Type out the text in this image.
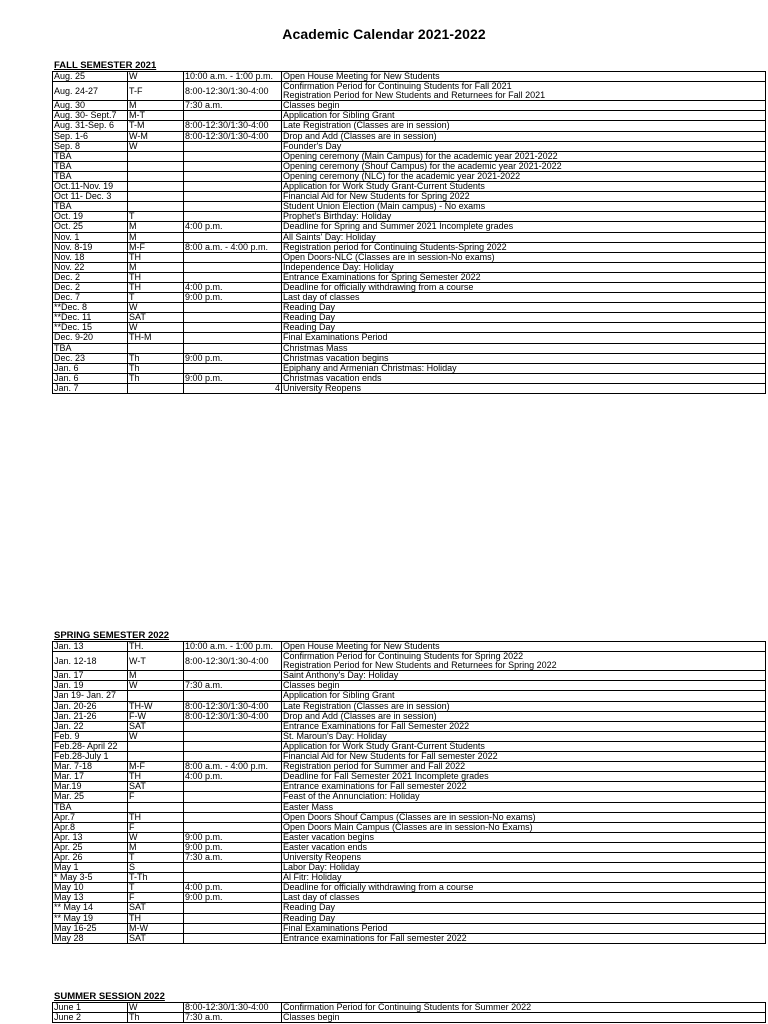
Academic Calendar 2021-2022
FALL SEMESTER 2021
Aug. 25	W	10:00 a.m. - 1:00 p.m.	Open House Meeting for New Students
Aug. 24-27	T-F	8:00-12:30/1:30-4:00	Confirmation Period for Continuing Students for Fall 2021
Registration Period for New Students and Returnees for Fall 2021
Aug. 30	M	7:30 a.m.	Classes begin
Aug. 30- Sept.7	M-T		Application for Sibling Grant
Aug. 31-Sep. 6	T-M	8:00-12:30/1:30-4:00	Late Registration (Classes are in session)
Sep. 1-6	W-M	8:00-12:30/1:30-4:00	Drop and Add (Classes are in session)
Sep. 8	W		Founder's Day
TBA			Opening ceremony (Main Campus) for the academic year 2021-2022
TBA			Opening ceremony (Shouf Campus) for the academic year 2021-2022
TBA			Opening ceremony (NLC) for the academic year 2021-2022
Oct.11-Nov. 19			Application for Work Study Grant-Current Students
Oct 11- Dec. 3			Financial Aid for New Students for Spring 2022
TBA			Student Union Election (Main campus) - No exams
Oct. 19	T		Prophet's Birthday: Holiday
Oct. 25	M	4:00 p.m.	Deadline for Spring and Summer 2021 Incomplete grades
Nov. 1	M		All Saints' Day: Holiday
Nov. 8-19	M-F	8:00 a.m. - 4:00 p.m.	Registration period for Continuing Students-Spring 2022
Nov. 18	TH		Open Doors-NLC (Classes are in session-No exams)
Nov. 22	M		Independence Day: Holiday
Dec. 2	TH		Entrance Examinations for Spring Semester 2022
Dec. 2	TH	4:00 p.m.	Deadline for officially withdrawing from a course
Dec. 7	T	9:00 p.m.	Last day of classes
**Dec. 8	W		Reading Day
**Dec. 11	SAT		Reading Day
**Dec. 15	W		Reading Day
Dec. 9-20	TH-M		Final Examinations Period
TBA			Christmas Mass
Dec. 23	Th	9:00 p.m.	Christmas vacation begins
Jan. 6	Th		Epiphany and Armenian Christmas: Holiday
Jan. 6	Th	9:00 p.m.	Christmas vacation ends
Jan. 7		4	University Reopens
SPRING SEMESTER 2022
Jan. 13	TH.	10:00 a.m. - 1:00 p.m.	Open House Meeting for New Students
Jan. 12-18	W-T	8:00-12:30/1:30-4:00	Confirmation Period for Continuing Students for Spring 2022
Registration Period for New Students and Returnees for Spring 2022
Jan. 17	M		Saint Anthony's Day: Holiday
Jan. 19	W	7:30 a.m.	Classes begin
Jan 19- Jan. 27			Application for Sibling Grant
Jan. 20-26	TH-W	8:00-12:30/1:30-4:00	Late Registration (Classes are in session)
Jan. 21-26	F-W	8:00-12:30/1:30-4:00	Drop and Add (Classes are in session)
Jan. 22	SAT		Entrance Examinations for Fall Semester 2022
Feb. 9	W		St. Maroun's Day: Holiday
Feb.28- April 22			Application for Work Study Grant-Current Students
Feb.28-July 1			Financial Aid for New Students for Fall semester 2022
Mar. 7-18	M-F	8:00 a.m. - 4:00 p.m.	Registration period for Summer and Fall 2022
Mar. 17	TH	4:00 p.m.	Deadline for Fall Semester 2021 Incomplete grades
Mar.19	SAT		Entrance examinations for Fall semester 2022
Mar. 25	F		Feast of the Annunciation: Holiday
TBA			Easter Mass
Apr.7	TH		Open Doors Shouf Campus (Classes are in session-No exams)
Apr.8	F		Open Doors Main Campus (Classes are in session-No Exams)
Apr. 13	W	9:00 p.m.	Easter vacation begins
Apr. 25	M	9:00 p.m.	Easter vacation ends
Apr. 26	T	7:30 a.m.	University Reopens
May 1	S		Labor Day: Holiday
* May 3-5	T-Th		Al Fitr: Holiday
May 10	T	4:00 p.m.	Deadline for officially withdrawing from a course
May 13	F	9:00 p.m.	Last day of classes
** May 14	SAT		Reading Day
** May 19	TH		Reading Day
May 16-25	M-W		Final Examinations Period
May 28	SAT		Entrance examinations for Fall semester 2022
SUMMER SESSION 2022
June 1	W	8:00-12:30/1:30-4:00	Confirmation Period for Continuing Students for Summer 2022
June 2	Th	7:30 a.m.	Classes begin
